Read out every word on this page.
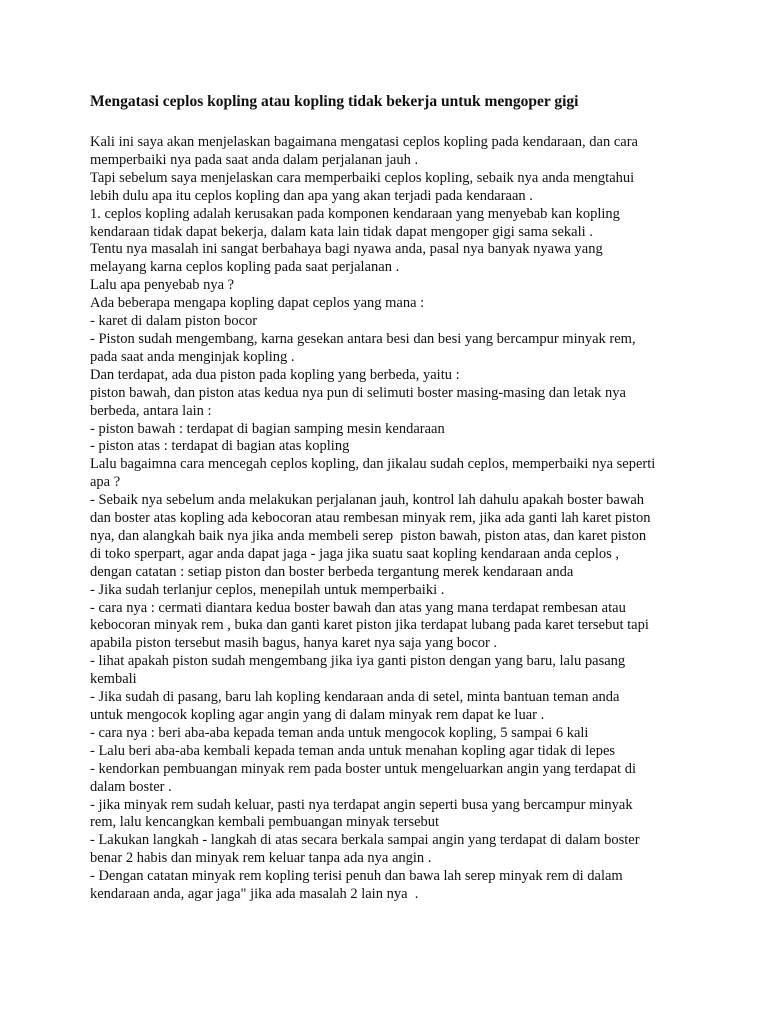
Mengatasi ceplos kopling atau kopling tidak bekerja untuk mengoper gigi
Kali ini saya akan menjelaskan bagaimana mengatasi ceplos kopling pada kendaraan, dan cara
memperbaiki nya pada saat anda dalam perjalanan jauh .
Tapi sebelum saya menjelaskan cara memperbaiki ceplos kopling, sebaik nya anda mengtahui
lebih dulu apa itu ceplos kopling dan apa yang akan terjadi pada kendaraan .
1. ceplos kopling adalah kerusakan pada komponen kendaraan yang menyebab kan kopling
kendaraan tidak dapat bekerja, dalam kata lain tidak dapat mengoper gigi sama sekali .
Tentu nya masalah ini sangat berbahaya bagi nyawa anda, pasal nya banyak nyawa yang
melayang karna ceplos kopling pada saat perjalanan .
Lalu apa penyebab nya ?
Ada beberapa mengapa kopling dapat ceplos yang mana :
- karet di dalam piston bocor
- Piston sudah mengembang, karna gesekan antara besi dan besi yang bercampur minyak rem,
pada saat anda menginjak kopling .
Dan terdapat, ada dua piston pada kopling yang berbeda, yaitu :
piston bawah, dan piston atas kedua nya pun di selimuti boster masing-masing dan letak nya
berbeda, antara lain :
- piston bawah : terdapat di bagian samping mesin kendaraan
- piston atas : terdapat di bagian atas kopling
Lalu bagaimna cara mencegah ceplos kopling, dan jikalau sudah ceplos, memperbaiki nya seperti
apa ?
- Sebaik nya sebelum anda melakukan perjalanan jauh, kontrol lah dahulu apakah boster bawah
dan boster atas kopling ada kebocoran atau rembesan minyak rem, jika ada ganti lah karet piston
nya, dan alangkah baik nya jika anda membeli serep  piston bawah, piston atas, dan karet piston
di toko sperpart, agar anda dapat jaga - jaga jika suatu saat kopling kendaraan anda ceplos ,
dengan catatan : setiap piston dan boster berbeda tergantung merek kendaraan anda
- Jika sudah terlanjur ceplos, menepilah untuk memperbaiki .
- cara nya : cermati diantara kedua boster bawah dan atas yang mana terdapat rembesan atau
kebocoran minyak rem , buka dan ganti karet piston jika terdapat lubang pada karet tersebut tapi
apabila piston tersebut masih bagus, hanya karet nya saja yang bocor .
- lihat apakah piston sudah mengembang jika iya ganti piston dengan yang baru, lalu pasang
kembali
- Jika sudah di pasang, baru lah kopling kendaraan anda di setel, minta bantuan teman anda
untuk mengocok kopling agar angin yang di dalam minyak rem dapat ke luar .
- cara nya : beri aba-aba kepada teman anda untuk mengocok kopling, 5 sampai 6 kali
- Lalu beri aba-aba kembali kepada teman anda untuk menahan kopling agar tidak di lepes
- kendorkan pembuangan minyak rem pada boster untuk mengeluarkan angin yang terdapat di
dalam boster .
- jika minyak rem sudah keluar, pasti nya terdapat angin seperti busa yang bercampur minyak
rem, lalu kencangkan kembali pembuangan minyak tersebut
- Lakukan langkah - langkah di atas secara berkala sampai angin yang terdapat di dalam boster
benar 2 habis dan minyak rem keluar tanpa ada nya angin .
- Dengan catatan minyak rem kopling terisi penuh dan bawa lah serep minyak rem di dalam
kendaraan anda, agar jaga" jika ada masalah 2 lain nya  .
